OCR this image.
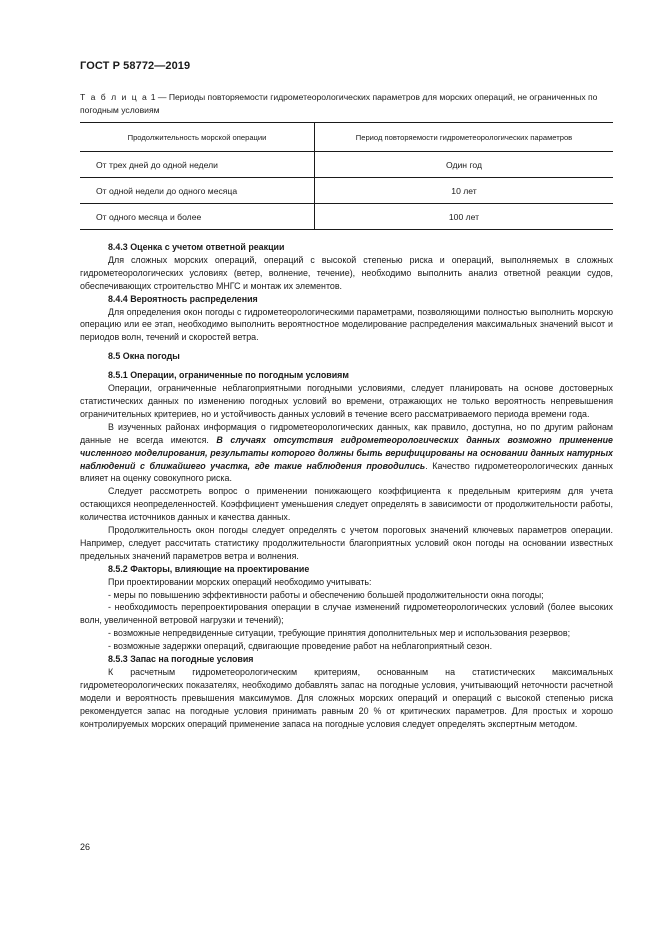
ГОСТ Р 58772—2019
Т а б л и ц а 1 — Периоды повторяемости гидрометеорологических параметров для морских операций, не ограниченных по погодным условиям
Продолжительность морской операции	Период повторяемости гидрометеорологических параметров
От трех дней до одной недели	Один год
От одной недели до одного месяца	10 лет
От одного месяца и более	100 лет

8.4.3 Оценка с учетом ответной реакции

Для сложных морских операций, операций с высокой степенью риска и операций, выполняемых в сложных гидрометеорологических условиях (ветер, волнение, течение), необходимо выполнить анализ ответной реакции судов, обеспечивающих строительство МНГС и монтаж их элементов.

8.4.4 Вероятность распределения

Для определения окон погоды с гидрометеорологическими параметрами, позволяющими полностью выполнить морскую операцию или ее этап, необходимо выполнить вероятностное моделирование распределения максимальных значений высот и периодов волн, течений и скоростей ветра.

8.5 Окна погоды

8.5.1 Операции, ограниченные по погодным условиям

Операции, ограниченные неблагоприятными погодными условиями, следует планировать на основе достоверных статистических данных по изменению погодных условий во времени, отражающих не только вероятность непревышения ограничительных критериев, но и устойчивость данных условий в течение всего рассматриваемого периода времени года.

В изученных районах информация о гидрометеорологических данных, как правило, доступна, но по другим районам данные не всегда имеются. В случаях отсутствия гидрометеорологических данных возможно применение численного моделирования, результаты которого должны быть верифицированы на основании данных натурных наблюдений с ближайшего участка, где такие наблюдения проводились. Качество гидрометеорологических данных влияет на оценку совокупного риска.

Следует рассмотреть вопрос о применении понижающего коэффициента к предельным критериям для учета остающихся неопределенностей. Коэффициент уменьшения следует определять в зависимости от продолжительности работы, количества источников данных и качества данных.

Продолжительность окон погоды следует определять с учетом пороговых значений ключевых параметров операции. Например, следует рассчитать статистику продолжительности благоприятных условий окон погоды на основании известных предельных значений параметров ветра и волнения.

8.5.2 Факторы, влияющие на проектирование

При проектировании морских операций необходимо учитывать:

- меры по повышению эффективности работы и обеспечению большей продолжительности окна погоды;

- необходимость перепроектирования операции в случае изменений гидрометеорологических условий (более высоких волн, увеличенной ветровой нагрузки и течений);

- возможные непредвиденные ситуации, требующие принятия дополнительных мер и использования резервов;

- возможные задержки операций, сдвигающие проведение работ на неблагоприятный сезон.

8.5.3 Запас на погодные условия

К расчетным гидрометеорологическим критериям, основанным на статистических максимальных гидрометеорологических показателях, необходимо добавлять запас на погодные условия, учитывающий неточности расчетной модели и вероятность превышения максимумов. Для сложных морских операций и операций с высокой степенью риска рекомендуется запас на погодные условия принимать равным 20 % от критических параметров. Для простых и хорошо контролируемых морских операций применение запаса на погодные условия следует определять экспертным методом.

26
